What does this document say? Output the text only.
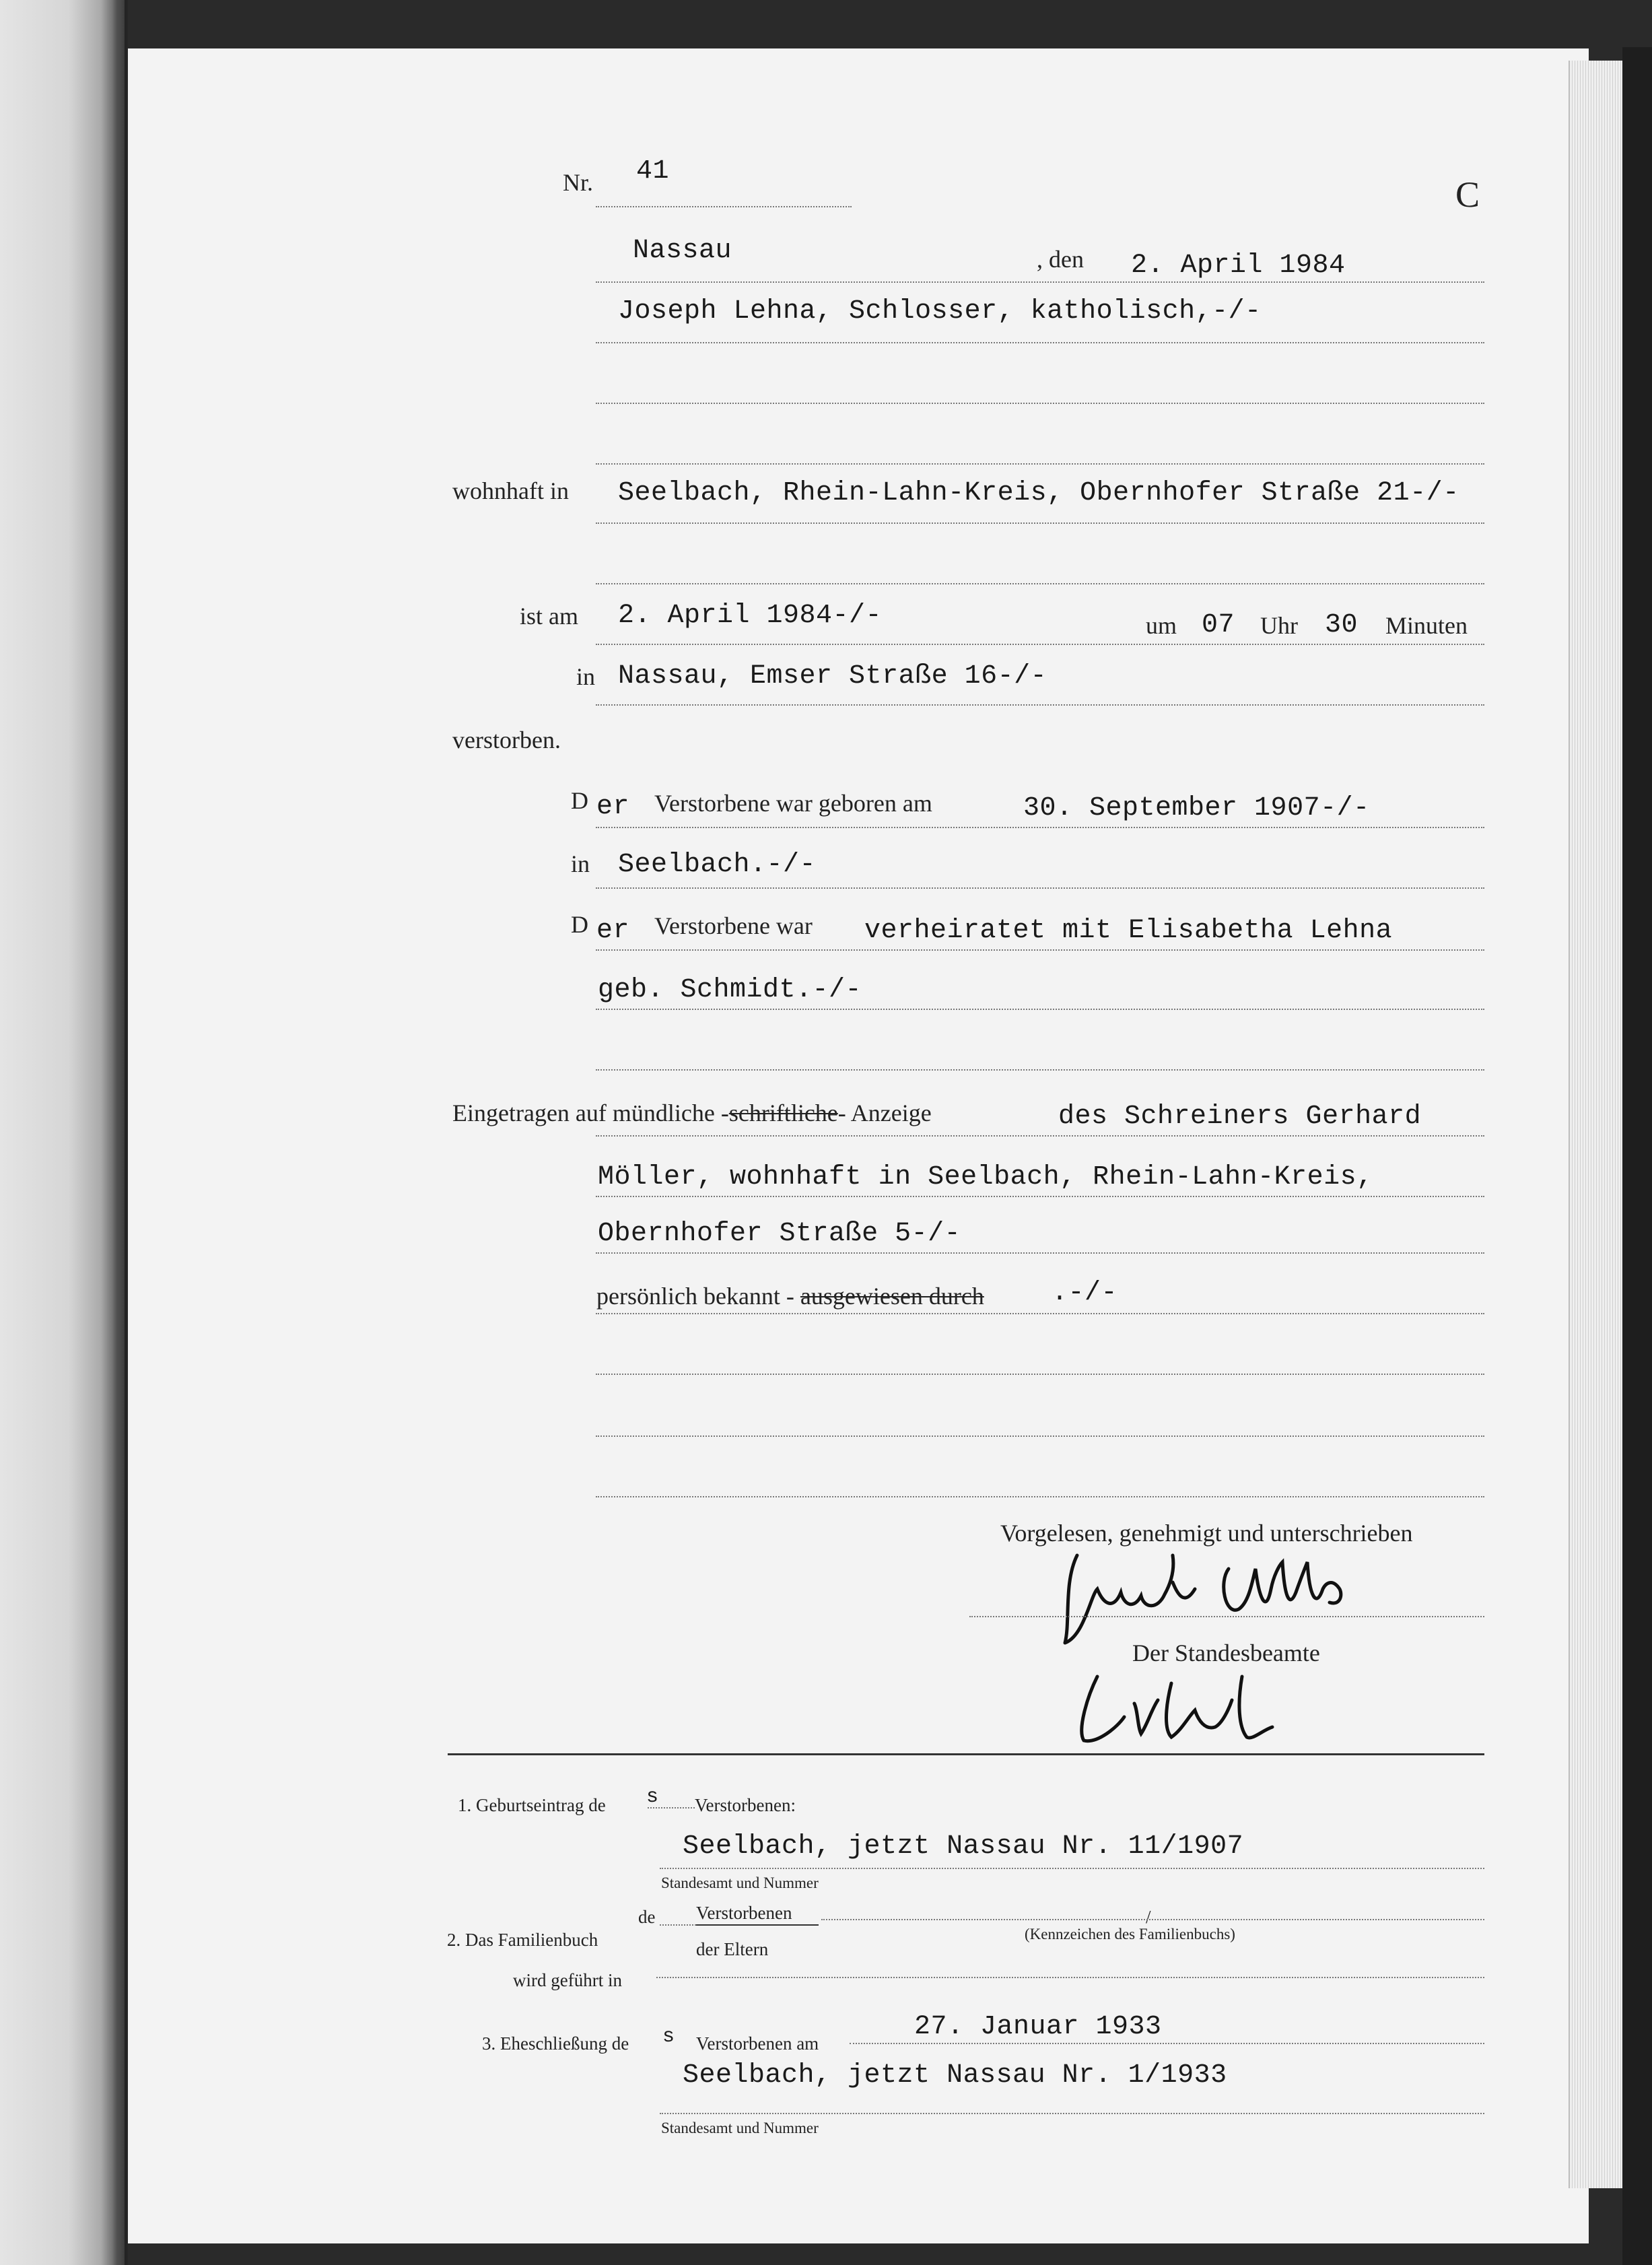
Nr. 41
C
Nassau	, den 2. April 1984
Joseph Lehna, Schlosser, katholisch,-/-
wohnhaft in Seelbach, Rhein-Lahn-Kreis, Obernhofer Straße 21-/-
ist am 2. April 1984-/-	um 07 Uhr 30 Minuten
in Nassau, Emser Straße 16-/-
verstorben.
D er Verstorbene war geboren am	30. September 1907-/-
in Seelbach.-/-
D er Verstorbene war verheiratet mit Elisabetha Lehna
geb. Schmidt.-/-
Eingetragen auf mündliche -schriftliche- Anzeige	des Schreiners Gerhard
Möller, wohnhaft in Seelbach, Rhein-Lahn-Kreis,
Obernhofer Straße 5-/-
persönlich bekannt - ausgewiesen durch	.-/-
Vorgelesen, genehmigt und unterschrieben
Der Standesbeamte
1. Geburtseintrag de s Verstorbenen:
Seelbach, jetzt Nassau Nr. 11/1907
Standesamt und Nummer
2. Das Familienbuch
de Verstorbenen
der Eltern
/
(Kennzeichen des Familienbuchs)
wird geführt in
3. Eheschließung de s Verstorbenen am
27. Januar 1933
Seelbach, jetzt Nassau Nr. 1/1933
Standesamt und Nummer
